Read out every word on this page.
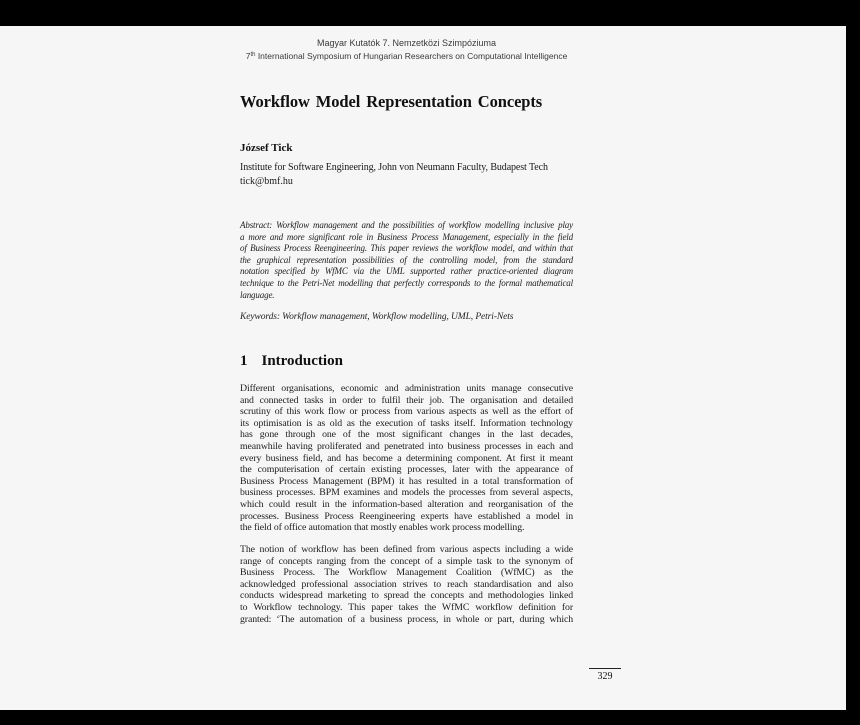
Magyar Kutatók 7. Nemzetközi Szimpóziuma
7th International Symposium of Hungarian Researchers on Computational Intelligence
Workflow Model Representation Concepts
József Tick
Institute for Software Engineering, John von Neumann Faculty, Budapest Tech
tick@bmf.hu
Abstract: Workflow management and the possibilities of workflow modelling inclusive play
a more and more significant role in Business Process Management, especially in the field
of Business Process Reengineering. This paper reviews the workflow model, and within that
the graphical representation possibilities of the controlling model, from the standard
notation specified by WfMC via the UML supported rather practice-oriented diagram
technique to the Petri-Net modelling that perfectly corresponds to the formal mathematical
language.
Keywords: Workflow management, Workflow modelling, UML, Petri-Nets
1 Introduction
Different organisations, economic and administration units manage consecutive
and connected tasks in order to fulfil their job. The organisation and detailed
scrutiny of this work flow or process from various aspects as well as the effort of
its optimisation is as old as the execution of tasks itself. Information technology
has gone through one of the most significant changes in the last decades,
meanwhile having proliferated and penetrated into business processes in each and
every business field, and has become a determining component. At first it meant
the computerisation of certain existing processes, later with the appearance of
Business Process Management (BPM) it has resulted in a total transformation of
business processes. BPM examines and models the processes from several aspects,
which could result in the information-based alteration and reorganisation of the
processes. Business Process Reengineering experts have established a model in
the field of office automation that mostly enables work process modelling.
The notion of workflow has been defined from various aspects including a wide
range of concepts ranging from the concept of a simple task to the synonym of
Business Process. The Workflow Management Coalition (WfMC) as the
acknowledged professional association strives to reach standardisation and also
conducts widespread marketing to spread the concepts and methodologies linked
to Workflow technology. This paper takes the WfMC workflow definition for
granted: ‘The automation of a business process, in whole or part, during which
329
